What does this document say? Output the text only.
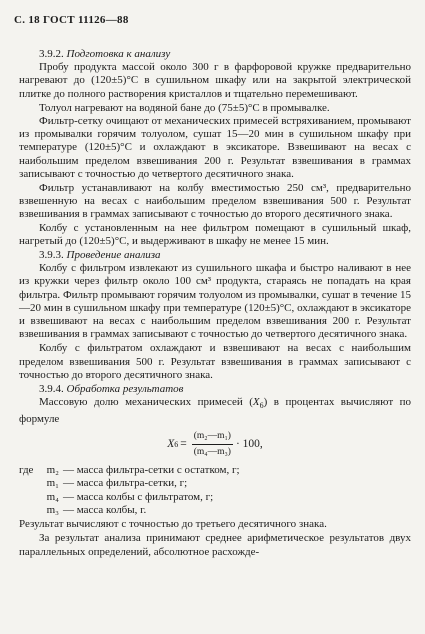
С. 18 ГОСТ 11126—88

3.9.2. Подготовка к анализу

Пробу продукта массой около 300 г в фарфоровой кружке предварительно нагревают до (120±5)°С в сушильном шкафу или на закрытой электрической плитке до полного растворения кристаллов и тщательно перемешивают.

Толуол нагревают на водяной бане до (75±5)°С в промывалке.

Фильтр-сетку очищают от механических примесей встряхиванием, промывают из промывалки горячим толуолом, сушат 15—20 мин в сушильном шкафу при температуре (120±5)°С и охлаждают в эксикаторе. Взвешивают на весах с наибольшим пределом взвешивания 200 г. Результат взвешивания в граммах записывают с точностью до четвертого десятичного знака.

Фильтр устанавливают на колбу вместимостью 250 см³, предварительно взвешенную на весах с наибольшим пределом взвешивания 500 г. Результат взвешивания в граммах записывают с точностью до второго десятичного знака.

Колбу с установленным на нее фильтром помещают в сушильный шкаф, нагретый до (120±5)°С, и выдерживают в шкафу не менее 15 мин.

3.9.3. Проведение анализа

Колбу с фильтром извлекают из сушильного шкафа и быстро наливают в нее из кружки через фильтр около 100 см³ продукта, стараясь не попадать на края фильтра. Фильтр промывают горячим толуолом из промывалки, сушат в течение 15—20 мин в сушильном шкафу при температуре (120±5)°С, охлаждают в эксикаторе и взвешивают на весах с наибольшим пределом взвешивания 200 г. Результат взвешивания в граммах записывают с точностью до четвертого десятичного знака.

Колбу с фильтратом охлаждают и взвешивают на весах с наибольшим пределом взвешивания 500 г. Результат взвешивания в граммах записывают с точностью до второго десятичного знака.

3.9.4. Обработка результатов

Массовую долю механических примесей $(X_6)$ в процентах вычисляют по формуле

X $6 = \frac{\text{(m₂—m₁)}}{\text{(m₄—m₃)}} \cdot 100$,
где	m₂ — масса фильтра-сетки с остатком, г;
m₁ — масса фильтра-сетки, г;
m₄ — масса колбы с фильтратом, г;
m₃ — масса колбы, г.

Результат вычисляют с точностью до третьего десятичного знака.

За результат анализа принимают среднее арифметическое результатов двух параллельных определений, абсолютное расхожде-
